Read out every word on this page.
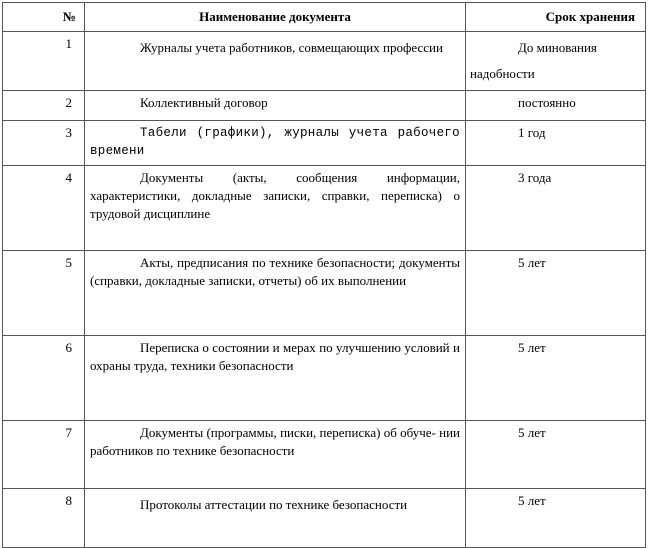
№	Наименование документа	Срок хранения
1	Журналы учета работников, совмещающих профессии	До минования надобности
2	Коллективный договор	постоянно
3	Табели (графики), журналы учета рабочего времени	1 год
4	Документы (акты, сообщения информации, характеристики, докладные записки, справки, переписка) о трудовой дисциплине	3 года
5	Акты, предписания по технике безопасности; документы (справки, докладные записки, отчеты) об их выполнении	5 лет
6	Переписка о состоянии и мерах по улучшению условий и охраны труда, техники безопасности	5 лет
7	Документы (программы, писки, переписка) об обуче- нии работников по технике безопасности	5 лет
8	Протоколы аттестации по технике безопасности	5 лет
